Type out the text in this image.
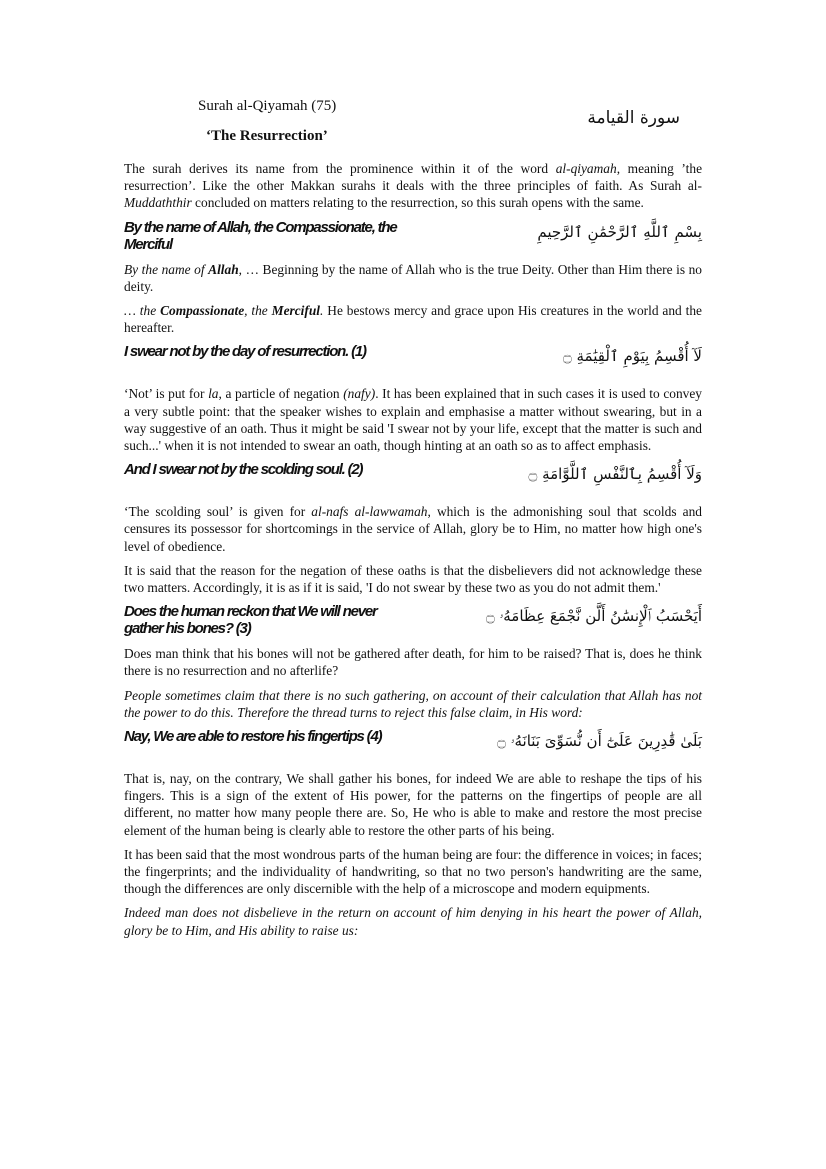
Surah al-Qiyamah (75)
‘The Resurrection’
سورة القيامة

The surah derives its name from the prominence within it of the word al-qiyamah, meaning ’the resurrection’. Like the other Makkan surahs it deals with the three principles of faith. As Surah al-Muddaththir concluded on matters relating to the resurrection, so this surah opens with the same.

By the name of Allah, the Compassionate, the Merciful
بِسْمِ ٱللَّهِ ٱلرَّحْمَٰنِ ٱلرَّحِيمِ

By the name of Allah, … Beginning by the name of Allah who is the true Deity. Other than Him there is no deity.

… the Compassionate, the Merciful. He bestows mercy and grace upon His creatures in the world and the hereafter.

I swear not by the day of resurrection. (1)	لَآ أُقْسِمُ بِيَوْمِ ٱلْقِيَٰمَةِ ۝

‘Not’ is put for la, a particle of negation (nafy). It has been explained that in such cases it is used to convey a very subtle point: that the speaker wishes to explain and emphasise a matter without swearing, but in a way suggestive of an oath. Thus it might be said 'I swear not by your life, except that the matter is such and such...' when it is not intended to swear an oath, though hinting at an oath so as to affect emphasis.

And I swear not by the scolding soul. (2)	وَلَآ أُقْسِمُ بِٱلنَّفْسِ ٱللَّوَّامَةِ ۝

‘The scolding soul’ is given for al-nafs al-lawwamah, which is the admonishing soul that scolds and censures its possessor for shortcomings in the service of Allah, glory be to Him, no matter how high one's level of obedience.

It is said that the reason for the negation of these oaths is that the disbelievers did not acknowledge these two matters. Accordingly, it is as if it is said, 'I do not swear by these two as you do not admit them.'

Does the human reckon that We will never gather his bones? (3)
أَيَحْسَبُ ٱلْإِنسَٰنُ أَلَّن نَّجْمَعَ عِظَامَهُۥ ۝

Does man think that his bones will not be gathered after death, for him to be raised? That is, does he think there is no resurrection and no afterlife?

People sometimes claim that there is no such gathering, on account of their calculation that Allah has not the power to do this. Therefore the thread turns to reject this false claim, in His word:

Nay, We are able to restore his fingertips (4)	بَلَىٰ قَٰدِرِينَ عَلَىٰٓ أَن نُّسَوِّىَ بَنَانَهُۥ ۝

That is, nay, on the contrary, We shall gather his bones, for indeed We are able to reshape the tips of his fingers. This is a sign of the extent of His power, for the patterns on the fingertips of people are all different, no matter how many people there are. So, He who is able to make and restore the most precise element of the human being is clearly able to restore the other parts of his being.

It has been said that the most wondrous parts of the human being are four: the difference in voices; in faces; the fingerprints; and the individuality of handwriting, so that no two person's handwriting are the same, though the differences are only discernible with the help of a microscope and modern equipments.

Indeed man does not disbelieve in the return on account of him denying in his heart the power of Allah, glory be to Him, and His ability to raise us:
